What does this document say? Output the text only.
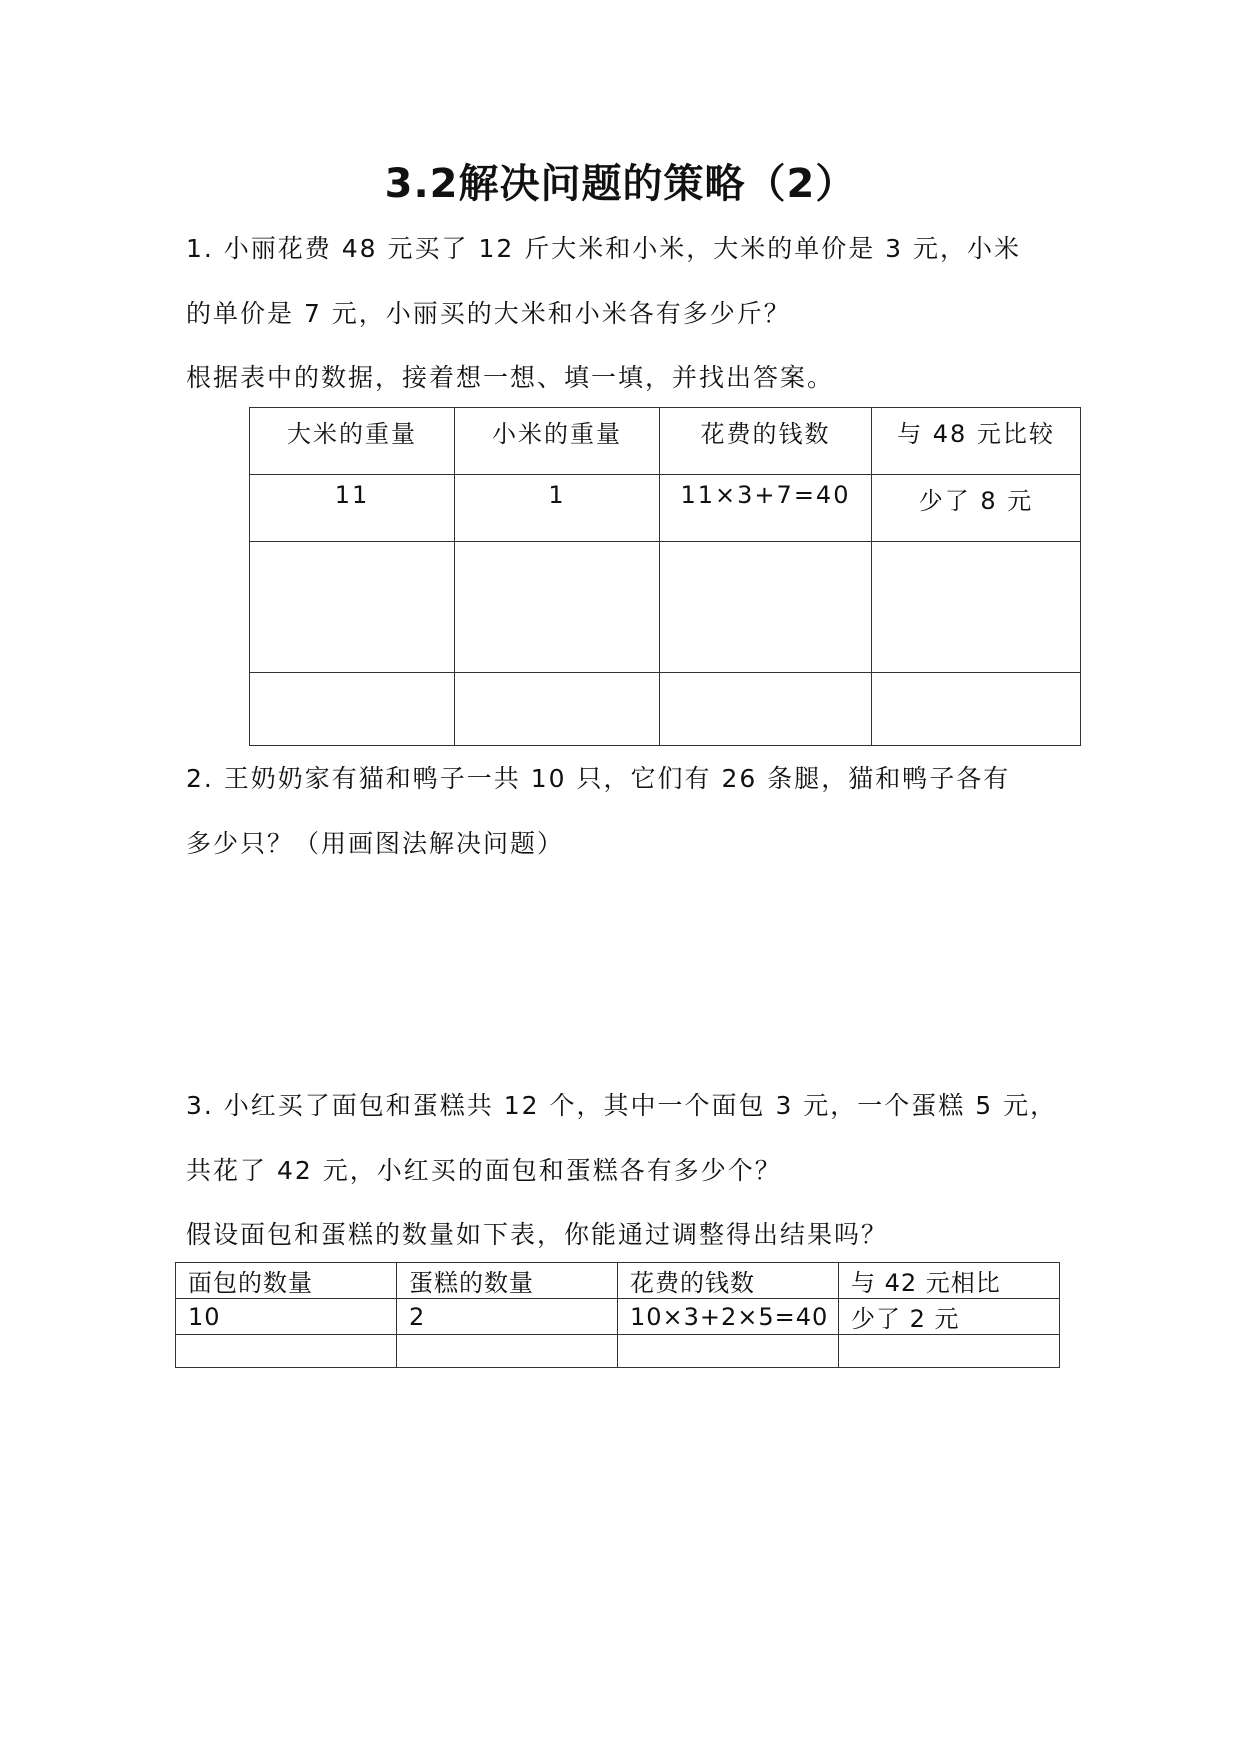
3.2解决问题的策略（2）
1. 小丽花费 48 元买了 12 斤大米和小米，大米的单价是 3 元，小米
的单价是 7 元，小丽买的大米和小米各有多少斤？
根据表中的数据，接着想一想、填一填，并找出答案。
大米的重量	小米的重量	花费的钱数	与 48 元比较
11	1	11×3+7=40	少了 8 元

2. 王奶奶家有猫和鸭子一共 10 只，它们有 26 条腿，猫和鸭子各有
多少只？（用画图法解决问题）
3. 小红买了面包和蛋糕共 12 个，其中一个面包 3 元，一个蛋糕 5 元，
共花了 42 元，小红买的面包和蛋糕各有多少个？
假设面包和蛋糕的数量如下表，你能通过调整得出结果吗？
面包的数量	蛋糕的数量	花费的钱数	与 42 元相比
10	2	10×3+2×5=40	少了 2 元
